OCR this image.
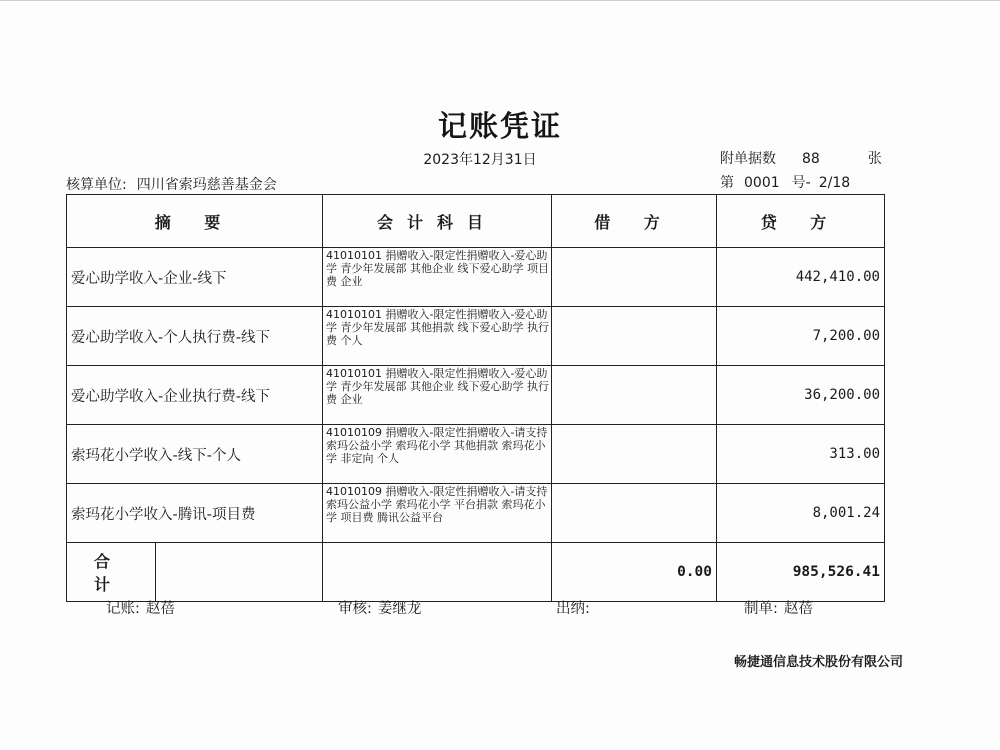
记账凭证
2023年12月31日	附单据数 88	张
核算单位: 四川省索玛慈善基金会	第 0001 号- 2/18
摘 要	会计科目	借 方	贷 方
爱心助学收入-企业-线下	41010101 捐赠收入-限定性捐赠收入-爱心助学 青少年发展部 其他企业 线下爱心助学 项目费 企业		442,410.00
爱心助学收入-个人执行费-线下	41010101 捐赠收入-限定性捐赠收入-爱心助学 青少年发展部 其他捐款 线下爱心助学 执行费 个人		7,200.00
爱心助学收入-企业执行费-线下	41010101 捐赠收入-限定性捐赠收入-爱心助学 青少年发展部 其他企业 线下爱心助学 执行费 企业		36,200.00
索玛花小学收入-线下-个人	41010109 捐赠收入-限定性捐赠收入-请支持索玛公益小学 索玛花小学 其他捐款 索玛花小学 非定向 个人		313.00
索玛花小学收入-腾讯-项目费	41010109 捐赠收入-限定性捐赠收入-请支持索玛公益小学 索玛花小学 平台捐款 索玛花小学 项目费 腾讯公益平台		8,001.24

合 计		0.00	985,526.41
记账: 赵蓓	审核: 姜继龙	出纳:	制单: 赵蓓
畅捷通信息技术股份有限公司
